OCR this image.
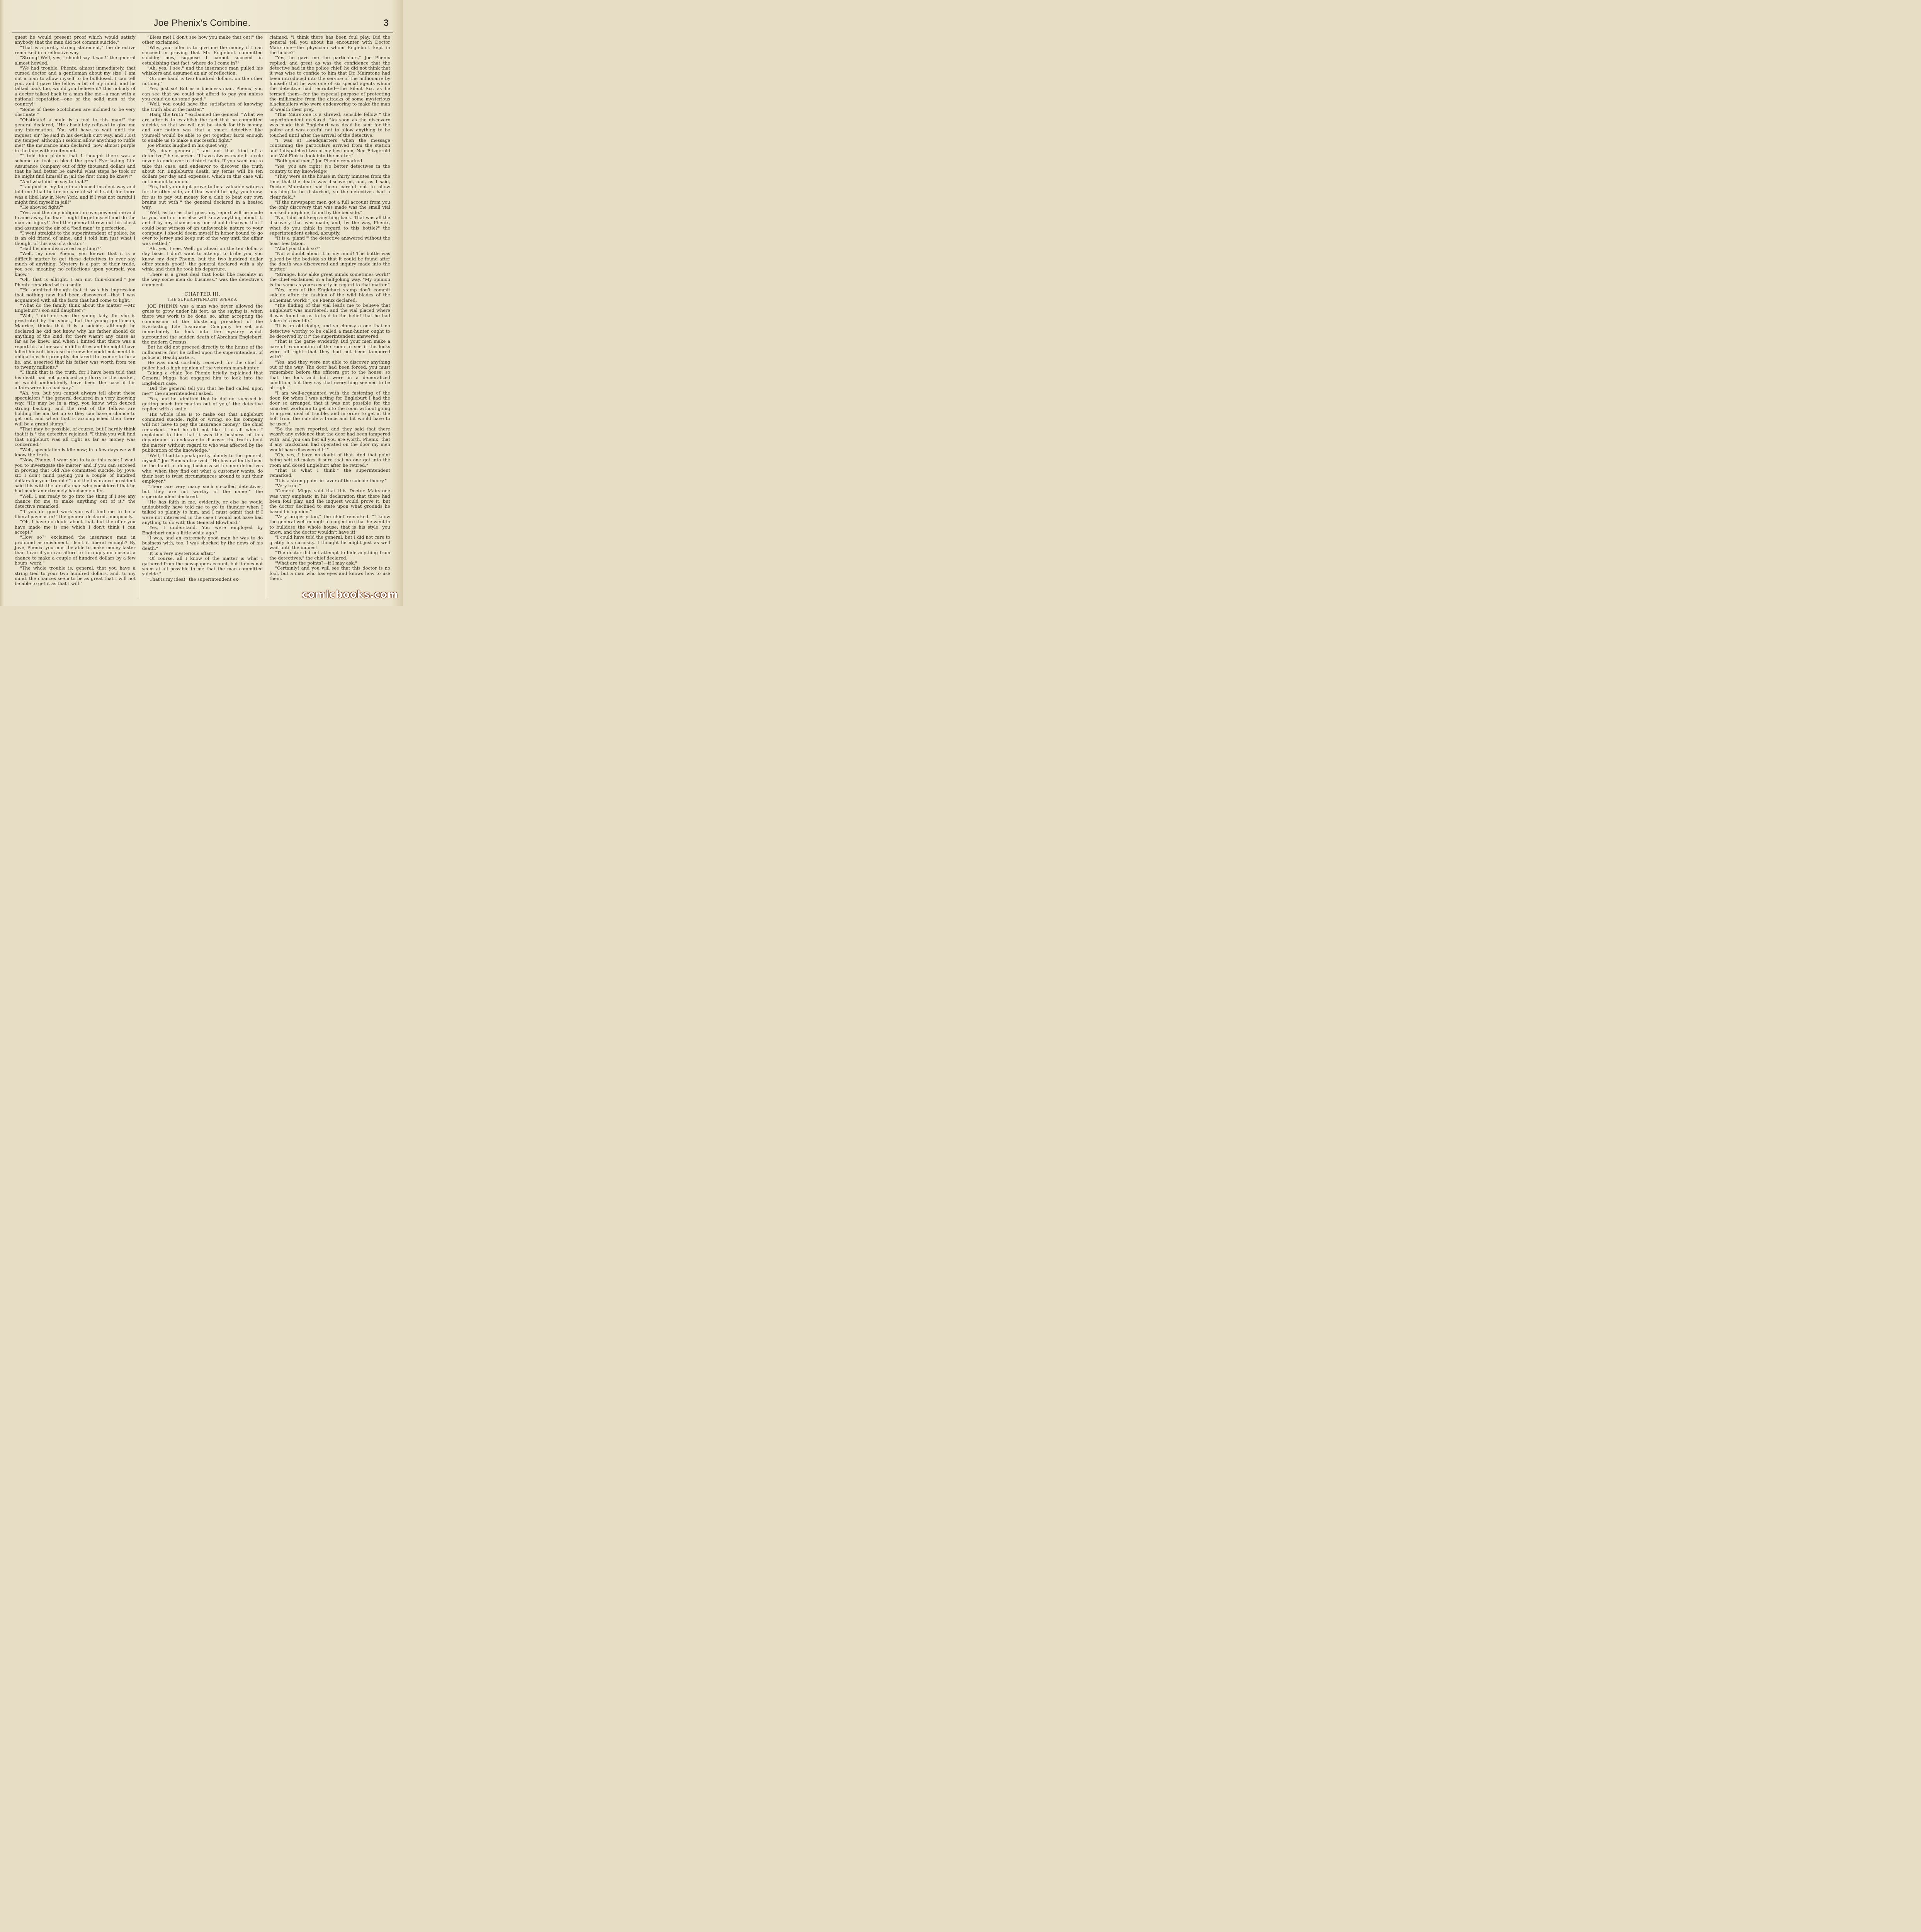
Joe Phenix's Combine.	3

quest he would present proof which would satisfy anybody that the man did not commit suicide."

"That is a pretty strong statement," the detective remarked in a reflective way.

"Strong! Well, yes, I should say it was!" the general almost howled.

"We had trouble, Phenix, almost immediately, that cursed doctor and a gentleman about my size! I am not a man to allow myself to be bulldosed, I can tell you, and I gave the fellow a bit of my mind, and he talked back too, would you believe it? this nobody of a doctor talked back to a man like me—a man with a national reputation—one of the solid men of the country!"

"Some of these Scotchmen are inclined to be very obstinate."

"Obstinate! a mule is a fool to this man!" the general declared, "He absolutely refused to give me any information. 'You will have to wait until the inquest, sir,' he said in his devilish curt way, and I lost my temper, although I seldom allow anything to ruffle me!" the insurance man declared, now almost purple in the face with excitement.

"I told him plainly that I thought there was a scheme on foot to bleed the great Everlasting Life Assurance Company out of fifty thousand dollars and that he had better be careful what steps he took or he might find himself in jail the first thing he knew!"

"And what did he say to that?"

"Laughed in my face in a deuced insolent way and told me I had better be careful what I said, for there was a libel law in New York, and if I was not careful I might find myself in jail!"

"He showed fight?"

"Yes, and then my indignation overpowered me and I came away, for fear I might forget myself and do the man an injury!" And the general threw out his chest and assumed the air of a "bad man" to perfection.

"I went straight to the superintendent of police; he is an old friend of mine, and I told him just what I thought of this ass of a doctor."

"Had his men discovered anything?"

"Well, my dear Phenix, you known that it is a difficult matter to get these detectives to ever say much of anything. Mystery is a part of their trade, you see, meaning no reflections upon yourself, you know."

"Oh, that is allright. I am not thin-skinned," Joe Phenix remarked with a smile.

"He admitted though that it was his impression that nothing new had been discovered—that I was acquainted with all the facts that had come to light."

"What do the family think about the matter —Mr. Engleburt's son and daughter?"

"Well, I did not see the young lady, for she is prostrated by the shock, but the young gentleman, Maurice, thinks that it is a suicide, although he declared he did not know why his father should do anything of the kind, for there wasn't any cause as far as he knew, and when I hinted that there was a report his father was in difficulties and he might have killed himself because he knew he could not meet his obligations he promptly declared the rumor to be a lie, and asserted that his father was worth from ten to twenty millions."

"I think that is the truth, for I have been told that his death had not produced any flurry in the market, as would undoubtedly have been the case if his affairs were in a bad way."

"Ah, yes, but you cannot always tell about these speculators," the general declared in a very knowing way. "He may be in a ring, you know, with deuced strong backing, and the rest of the fellows are holding the market up so they can have a chance to get out, and when that is accomplished then there will be a grand slump."

"That may be possible, of course, but I hardly think that it is," the detective rejoined. "I think you will find that Engleburt was all right as far as money was concerned."

"Well, speculation is idle now; in a few days we will know the truth.

"Now, Phenix, I want you to take this case; I want you to investigate the matter, and if you can succeed in proving that Old Abe committed suicide, by Jove, sir, I don't mind paying you a couple of hundred dollars for your trouble!" and the insurance president said this with the air of a man who considered that he had made an extremely handsome offer.

"Well, I am ready to go into the thing if I see any chance for me to make anything out of it," the detective remarked.

"If you do good work you will find me to be a liberal paymaster!" the general declared, pompously.

"Oh, I have no doubt about that, but the offer you have made me is one which I don't think I can accept."

"How so?" exclaimed the insurance man in profound astonishment. "Isn't it liberal enough? By Jove, Phenix, you must be able to make money faster than I can if you can afford to turn up your nose at a chance to make a couple of hundred dollars by a few hours' work."

"The whole trouble is, general, that you have a string tied to your two hundred dollars, and, to my mind, the chances seem to be as great that I will not be able to get it as that I will."

"Bless me! I don't see how you make that out!" the other exclaimed.

"Why, your offer is to give me the money if I can succeed in proving that Mr. Engleburt committed suicide; now, suppose I cannot succeed in establishing that fact, where do I come in?"

"Ah, yes, I see," and the insurance man pulled his whiskers and assumed an air of reflection.

"On one hand is two hundred dollars, on the other nothing."

"Yes, just so! But as a business man, Phenix, you can see that we could not afford to pay you unless you could do us some good."

"Well, you could have the satisfaction of knowing the truth about the matter."

"Hang the truth!" exclaimed the general. "What we are after is to establish the fact that he committed suicide, so that we will not be stuck for this money, and our notion was that a smart detective like yourself would be able to get together facts enough to enable us to make a successful fight."

Joe Phenix laughed in his quiet way.

"My dear general, I am not that kind of a detective," he asserted. "I have always made it a rule never to endeavor to distort facts. If you want me to take this case, and endeavor to discover the truth about Mr. Engleburt's death, my terms will be ten dollars per day and expenses, which in this case will not amount to much."

"Yes, but you might prove to be a valuable witness for the other side, and that would be ugly, you know, for us to pay out money for a club to beat our own brains out with!" the general declared in a heated way.

"Well, as far as that goes, my report will be made to you, and no one else will know anything about it, and if by any chance any one should discover that I could bear witness of an unfavorable nature to your company, I should deem myself in honor bound to go over to Jersey and keep out of the way until the affair was settled."

"Ah, yes, I see. Well, go ahead on the ten dollar a day basis. I don't want to attempt to bribe you, you know, my dear Phenix, but the two hundred dollar offer stands good!" the general declared with a sly wink, and then he took his departure.

"There is a great deal that looks like rascality in the way some men do business," was the detective's comment.

CHAPTER III.
THE SUPERINTENDENT SPEAKS.

JOE PHENIX was a man who never allowed the grass to grow under his feet, as the saying is, when there was work to be done, so, after accepting the commission of the blustering president of the Everlasting Life Insurance Company he set out immediately to look into the mystery which surrounded the sudden death of Abraham Engleburt, the modern Crœsus.

But he did not proceed directly to the house of the millionaire: first he called upon the superintendent of police at Headquarters.

He was most cordially received, for the chief of police had a high opinion of the veteran man-hunter.

Taking a chair, Joe Phenix briefly explained that General Miggs had engaged him to look into the Engleburt case.

"Did the general tell you that he had called upon me?" the superintendent asked.

"Yes, and he admitted that he did not succeed in getting much information out of you," the detective replied with a smile.

"His whole idea is to make out that Engleburt commited suicide, right or wrong, so his company will not have to pay the insurance money," the chief remarked. "And he did not like it at all when I explained to him that it was the business of this department to endeavor to discover the truth about the matter, without regard to who was affected by the publication of the knowledge."

"Well, I had to speak pretty plainly to the general, myself," Joe Phenix observed. "He has evidently been in the habit of doing business with some detectives who, when they find out what a customer wants, do their best to twist circumstances around to suit their employer."

"There are very many such so-called detectives, but they are not worthy of the name!" the superintendent declared.

"He has faith in me, evidently, or else he would undoubtedly have told me to go to thunder when I talked so plainly to him, and I must admit that if I were not interested in the case I would not have had anything to do with this General Blowhard."

"Yes, I understand. You were employed by Engleburt only a little while ago."

"I was, and an extremely good man he was to do business with, too. I was shocked by the news of his death."

"It is a very mysterious affair."

"Of course, all I know of the matter is what I gathered from the newspaper account, but it does not seem at all possible to me that the man committed suicide."

"That is my idea!" the superintendent ex-

claimed. "I think there has been foul play. Did the general tell you about his encounter with Doctor Mairstone—the physician whom Engleburt kept in the house?"

"Yes, he gave me the particulars," Joe Phenix replied, and great as was the confidence that the detective had in the police chief, he did not think that it was wise to confide to him that Dr. Mairstone had been introduced into the service of the millionaire by himself; that he was one of six special agents whom the detective had recruited—the Silent Six, as he termed them—for the especial purpose of protecting the millionaire from the attacks of some mysterious blackmailers who were endeavoring to make the man of wealth their prey."

"This Mairstone is a shrewd, sensible fellow!" the superintendent declared. "As soon as the discovery was made that Engleburt was dead he sent for the police and was careful not to allow anything to be touched until after the arrival of the detective.

"I was at Headquarters when the message containing the particulars arrived from the station and I dispatched two of my best men, Ned Fitzgerald and Wol Fink to look into the matter."

"Both good men," Joe Phenix remarked.

"Yes, you are right! No better detectives in the country to my knowledge!

"They were at the house in thirty minutes from the time that the death was discovered, and, as I said, Doctor Mairstone had been careful not to allow anything to be disturbed, so the detectives had a clear field."

"If the newspaper men got a full account from you the only discovery that was made was the small vial marked morphine, found by the bedside."

"No, I did not keep anything back. That was all the discovery that was made, and, by the way, Phenix, what do you think in regard to this bottle?" the superintendent asked, abruptly.

"It is a 'plant!'" the detective answered without the least hesitation.

"Aha! you think so?"

"Not a doubt about it in my mind! The bottle was placed by the bedside so that it could be found after the death was discovered and inquiry made into the matter."

"Strange, how alike great minds sometimes work!" the chief exclaimed in a half-joking way. "My opinion is the same as yours exactly in regard to that matter."

"Yes, men of the Engleburt stamp don't commit suicide after the fashion of the wild blades of the Bohemian world!" Joe Phenix declared.

"The finding of this vial leads me to believe that Engleburt was murdered, and the vial placed where it was found so as to lead to the belief that he had taken his own life."

"It is an old dodge, and so clumsy a one that no detective worthy to be called a man-hunter ought to be deceived by it!" the superintendent answered.

"That is the game evidently. Did your men make a careful examination of the room to see if the locks were all right—that they had not been tampered with?"

"Yes, and they were not able to discover anything out of the way. The door had been forced, you must remember, before the officers got to the house, so that the lock and bolt were in a demoralized condition, but they say that everything seemed to be all right."

"I am well-acquainted with the fastening of the door, for when I was acting for Engleburt I had the door so arranged that it was not possible for the smartest workman to get into the room without going to a great deal of trouble, and in order to get at the bolt from the outside a brace and bit would have to be used."

"So the men reported, and they said that there wasn't any evidence that the door had been tampered with, and you can bet all you are worth, Phenix, that if any cracksman had operated on the door my men would have discovered it!"

"Oh, yes, I have no doubt of that. And that point being settled makes it sure that no one got into the room and dosed Engleburt after he retired."

"That is what I think," the superintendent remarked.

"It is a strong point in favor of the suicide theory."

"Very true."

"General Miggs said that this Doctor Mairstone was very emphatic in his declaration that there had been foul play, and the inquest would prove it, but the doctor declined to state upon what grounds he based his opinion."

"Very properly too," the chief remarked. "I know the general well enough to conjecture that he went in to bulldose the whole house; that is his style, you know, and the doctor wouldn't have it!"

"I could have told the general, but I did not care to gratify his curiosity. I thought he might just as well wait until the inquest.

"The doctor did not attempt to hide anything from the detectives," the chief declared.

"What are the points?—if I may ask."

"Certainly! and you will see that this doctor is no fool, but a man who has eyes and knows how to use them.

comicbooks.com
